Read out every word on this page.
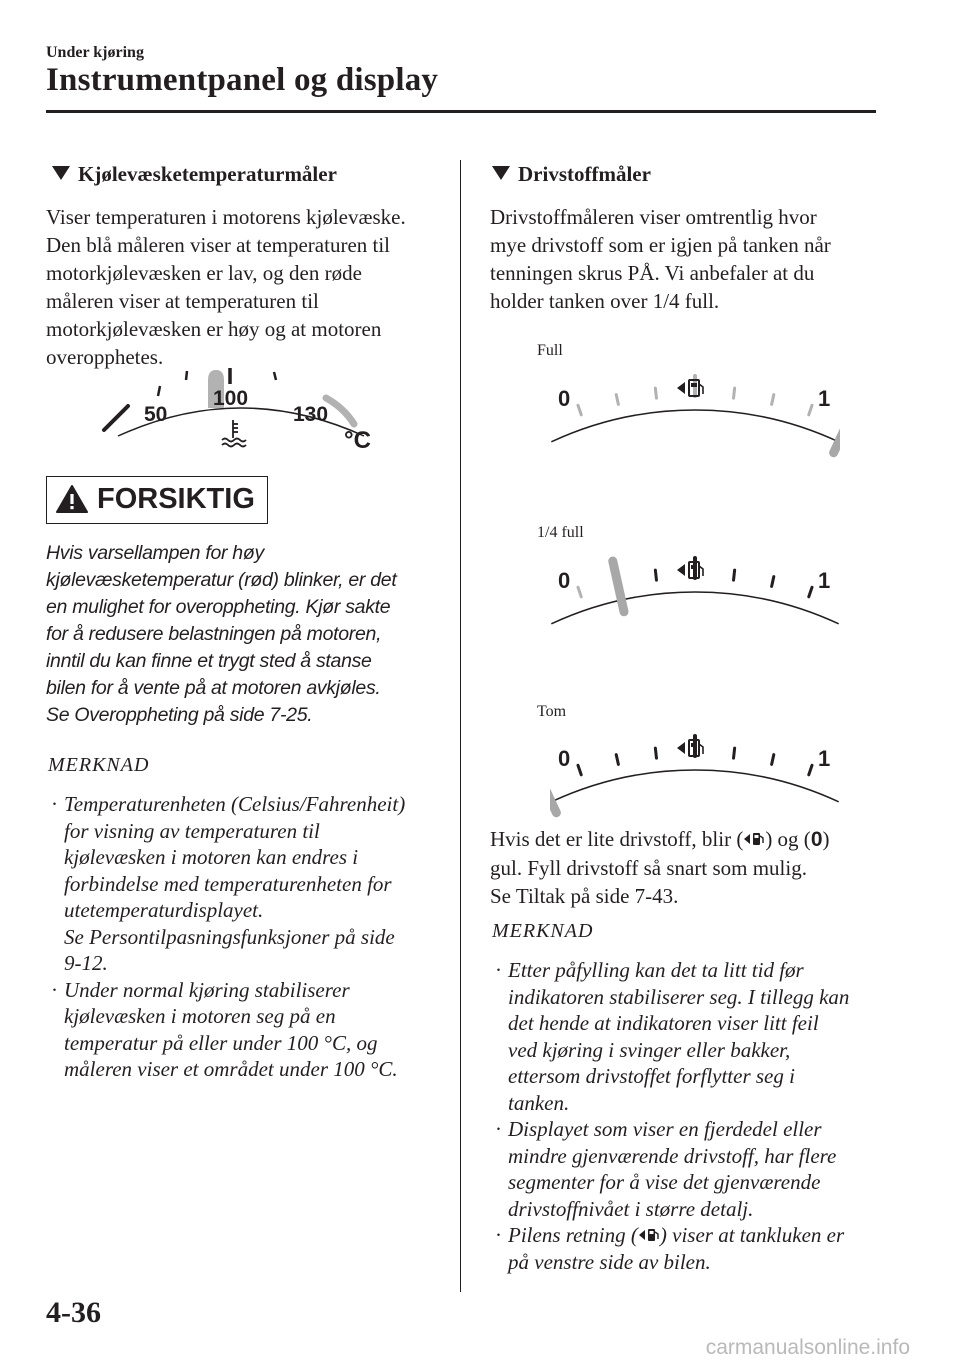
Under kjøring
Instrumentpanel og display
Kjølevæsketemperaturmåler

Viser temperaturen i motorens kjølevæske.

Den blå måleren viser at temperaturen til

motorkjølevæsken er lav, og den røde

måleren viser at temperaturen til

motorkjølevæsken er høy og at motoren

overopphetes.

50
100
130
°C
FORSIKTIG

Hvis varsellampen for høy

kjølevæsketemperatur (rød) blinker, er det

en mulighet for overoppheting. Kjør sakte

for å redusere belastningen på motoren,

inntil du kan finne et trygt sted å stanse

bilen for å vente på at motoren avkjøles.

Se Overoppheting på side 7-25.

MERKNAD
· Temperaturenheten (Celsius/Fahrenheit)

for visning av temperaturen til

kjølevæsken i motoren kan endres i

forbindelse med temperaturenheten for

utetemperaturdisplayet.

Se Persontilpasningsfunksjoner på side

9-12.

· Under normal kjøring stabiliserer

kjølevæsken i motoren seg på en

temperatur på eller under 100 °C, og

måleren viser et området under 100 °C.

Drivstoffmåler

Drivstoffmåleren viser omtrentlig hvor

mye drivstoff som er igjen på tanken når

tenningen skrus PÅ. Vi anbefaler at du

holder tanken over 1/4 full.

Full
0	1
1/4 full
0	1
Tom
0	1

Hvis det er lite drivstoff, blir ( ) og (0)

gul. Fyll drivstoff så snart som mulig.

Se Tiltak på side 7-43.

MERKNAD
· Etter påfylling kan det ta litt tid før

indikatoren stabiliserer seg. I tillegg kan

det hende at indikatoren viser litt feil

ved kjøring i svinger eller bakker,

ettersom drivstoffet forflytter seg i

tanken.

· Displayet som viser en fjerdedel eller

mindre gjenværende drivstoff, har flere

segmenter for å vise det gjenværende

drivstoffnivået i større detalj.

· Pilens retning ( ) viser at tankluken er

på venstre side av bilen.

4-36
carmanualsonline.info
